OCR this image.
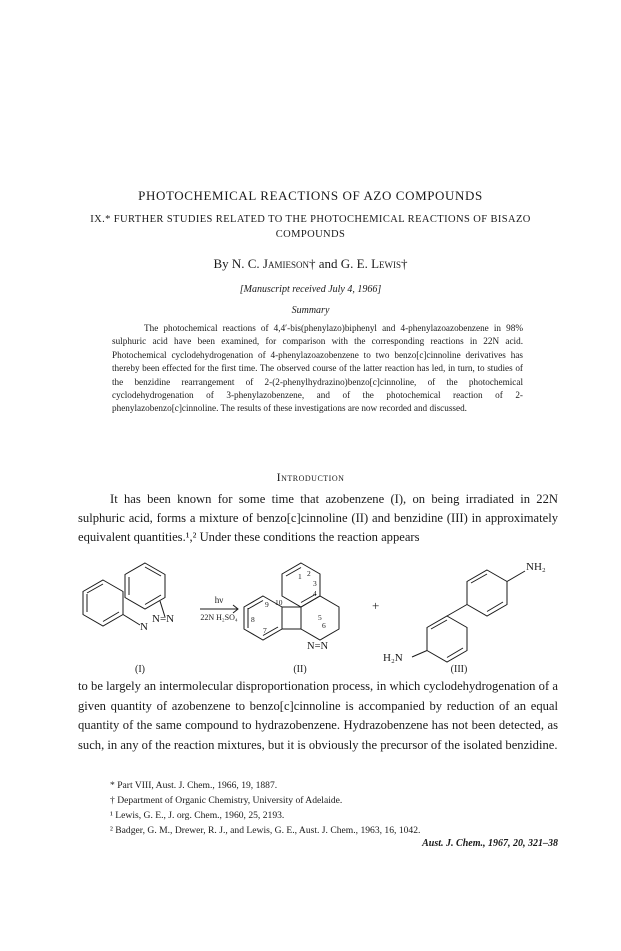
PHOTOCHEMICAL REACTIONS OF AZO COMPOUNDS
IX.* FURTHER STUDIES RELATED TO THE PHOTOCHEMICAL REACTIONS OF BISAZO COMPOUNDS
By N. C. Jamieson† and G. E. Lewis†
[Manuscript received July 4, 1966]
Summary
The photochemical reactions of 4,4′-bis(phenylazo)biphenyl and 4-phenylazoazobenzene in 98% sulphuric acid have been examined, for comparison with the corresponding reactions in 22N acid. Photochemical cyclodehydrogenation of 4-phenylazoazobenzene to two benzo[c]cinnoline derivatives has thereby been effected for the first time. The observed course of the latter reaction has led, in turn, to studies of the benzidine rearrangement of 2-(2-phenylhydrazino)benzo[c]cinnoline, of the photochemical cyclodehydrogenation of 3-phenylazobenzene, and of the photochemical reaction of 2-phenylazobenzo[c]cinnoline. The results of these investigations are now recorded and discussed.
Introduction
It has been known for some time that azobenzene (I), on being irradiated in 22N sulphuric acid, forms a mixture of benzo[c]cinnoline (II) and benzidine (III) in approximately equivalent quantities.¹,² Under these conditions the reaction appears
N
N=N
hν
22N H₂SO₄
1 2
3
4
5
6
7
8
9 10
N=N
+
NH₂
H₂N
(I)	(II)	(III)
to be largely an intermolecular disproportionation process, in which cyclodehydrogenation of a given quantity of azobenzene to benzo[c]cinnoline is accompanied by reduction of an equal quantity of the same compound to hydrazobenzene. Hydrazobenzene has not been detected, as such, in any of the reaction mixtures, but it is obviously the precursor of the isolated benzidine.
* Part VIII, Aust. J. Chem., 1966, 19, 1887.
† Department of Organic Chemistry, University of Adelaide.
¹ Lewis, G. E., J. org. Chem., 1960, 25, 2193.
² Badger, G. M., Drewer, R. J., and Lewis, G. E., Aust. J. Chem., 1963, 16, 1042.
Aust. J. Chem., 1967, 20, 321–38
